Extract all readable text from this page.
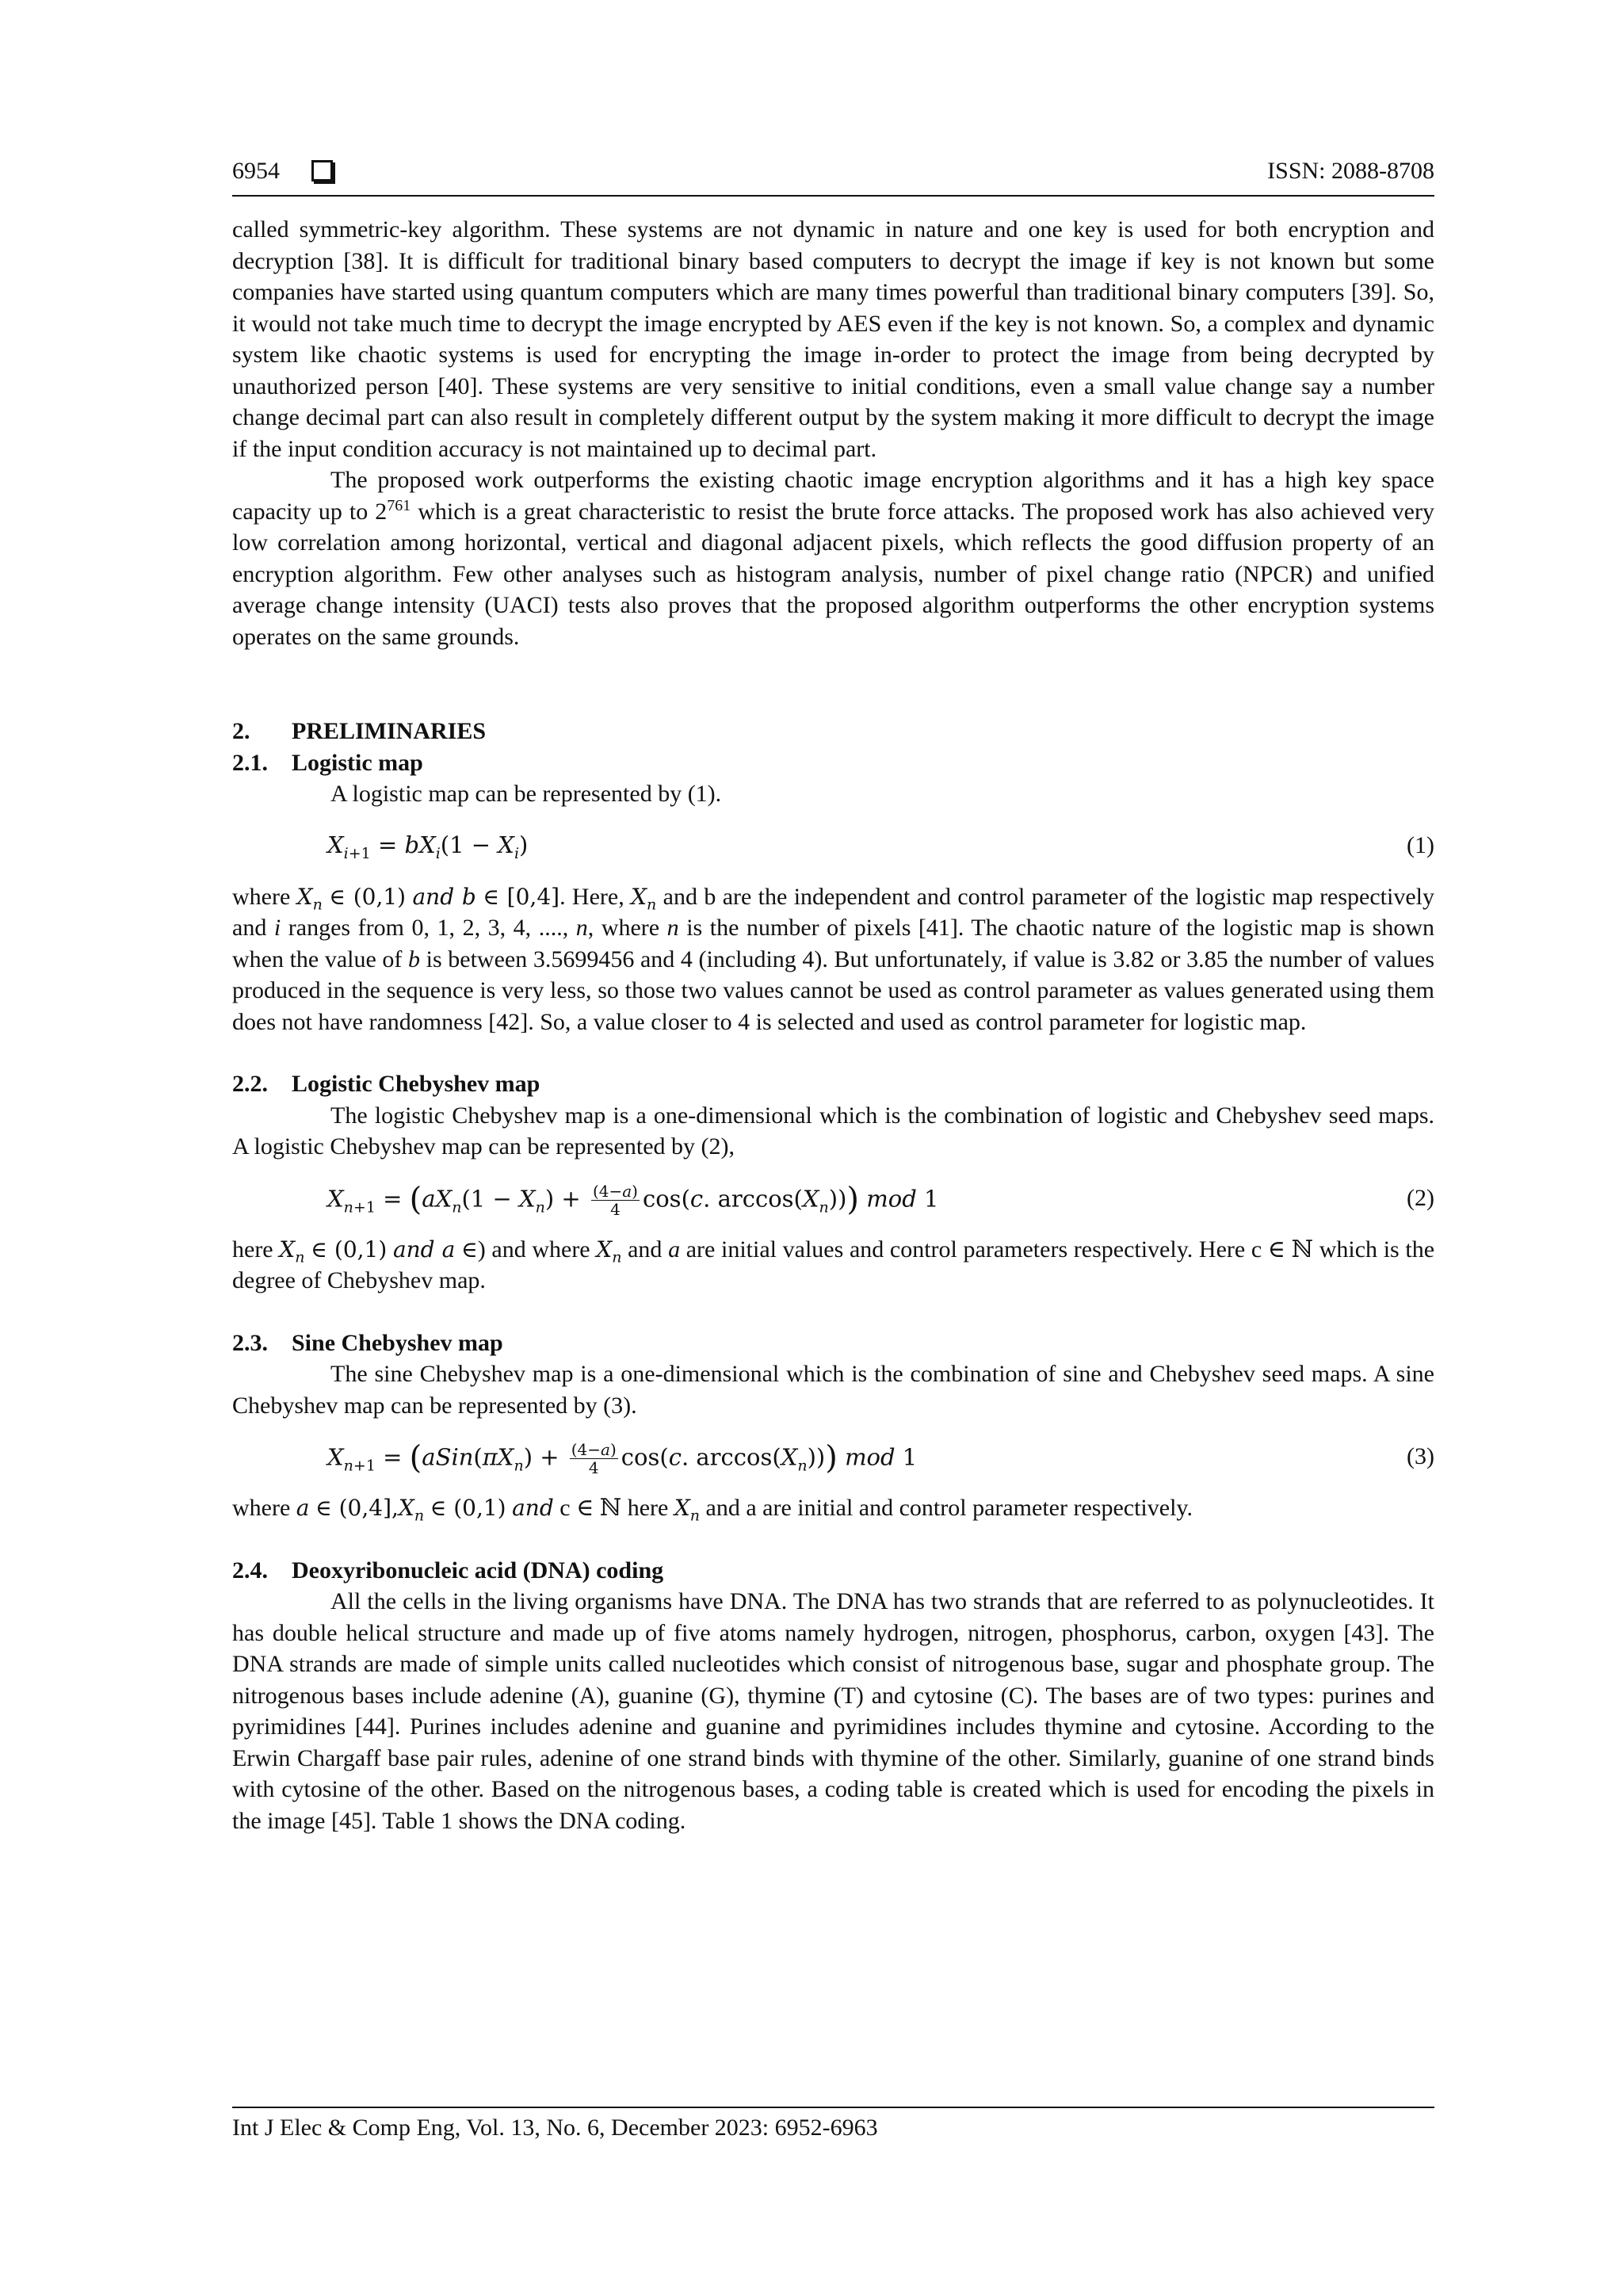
6954	ISSN: 2088-8708

called symmetric-key algorithm. These systems are not dynamic in nature and one key is used for both encryption and decryption [38]. It is difficult for traditional binary based computers to decrypt the image if key is not known but some companies have started using quantum computers which are many times powerful than traditional binary computers [39]. So, it would not take much time to decrypt the image encrypted by AES even if the key is not known. So, a complex and dynamic system like chaotic systems is used for encrypting the image in-order to protect the image from being decrypted by unauthorized person [40]. These systems are very sensitive to initial conditions, even a small value change say a number change decimal part can also result in completely different output by the system making it more difficult to decrypt the image if the input condition accuracy is not maintained up to decimal part.

The proposed work outperforms the existing chaotic image encryption algorithms and it has a high key space capacity up to $2^{761}$ which is a great characteristic to resist the brute force attacks. The proposed work has also achieved very low correlation among horizontal, vertical and diagonal adjacent pixels, which reflects the good diffusion property of an encryption algorithm. Few other analyses such as histogram analysis, number of pixel change ratio (NPCR) and unified average change intensity (UACI) tests also proves that the proposed algorithm outperforms the other encryption systems operates on the same grounds.

2. PRELIMINARIES
2.1. Logistic map

A logistic map can be represented by (1).

$X_{i+1} = bX_i(1 - X_i)$	(1)

where $X_n$ ∈ (0,1) and b ∈ [0,4]. Here, $X_n$ and b are the independent and control parameter of the logistic map respectively and i ranges from 0, 1, 2, 3, 4, ...., n, where n is the number of pixels [41]. The chaotic nature of the logistic map is shown when the value of b is between 3.5699456 and 4 (including 4). But unfortunately, if value is 3.82 or 3.85 the number of values produced in the sequence is very less, so those two values cannot be used as control parameter as values generated using them does not have randomness [42]. So, a value closer to 4 is selected and used as control parameter for logistic map.

2.2. Logistic Chebyshev map

The logistic Chebyshev map is a one-dimensional which is the combination of logistic and Chebyshev seed maps. A logistic Chebyshev map can be represented by (2),

$X_{n+1} = (aX_n(1 - X_n) + \frac{(4-a)}{4} \cos(c$. $\arccos(X_n)$)) mod 1	(2)

here $X_n$ ∈ (0,1) and a ∈) and where $X_n$ and a are initial values and control parameters respectively. Here c ∈ ℕ which is the degree of Chebyshev map.

2.3. Sine Chebyshev map

The sine Chebyshev map is a one-dimensional which is the combination of sine and Chebyshev seed maps. A sine Chebyshev map can be represented by (3).

$X_{n+1}$ = ($aSin(\pi X_n) + \frac{(4-a)}{4} \cos(c$. $\arccos(X_n)$)) mod 1	(3)

where a ∈ $(0,4],X_n$ ∈ (0,1) and c ∈ ℕ here $X_n$ and a are initial and control parameter respectively.

2.4. Deoxyribonucleic acid (DNA) coding

All the cells in the living organisms have DNA. The DNA has two strands that are referred to as polynucleotides. It has double helical structure and made up of five atoms namely hydrogen, nitrogen, phosphorus, carbon, oxygen [43]. The DNA strands are made of simple units called nucleotides which consist of nitrogenous base, sugar and phosphate group. The nitrogenous bases include adenine (A), guanine (G), thymine (T) and cytosine (C). The bases are of two types: purines and pyrimidines [44]. Purines includes adenine and guanine and pyrimidines includes thymine and cytosine. According to the Erwin Chargaff base pair rules, adenine of one strand binds with thymine of the other. Similarly, guanine of one strand binds with cytosine of the other. Based on the nitrogenous bases, a coding table is created which is used for encoding the pixels in the image [45]. Table 1 shows the DNA coding.

Int J Elec & Comp Eng, Vol. 13, No. 6, December 2023: 6952-6963
